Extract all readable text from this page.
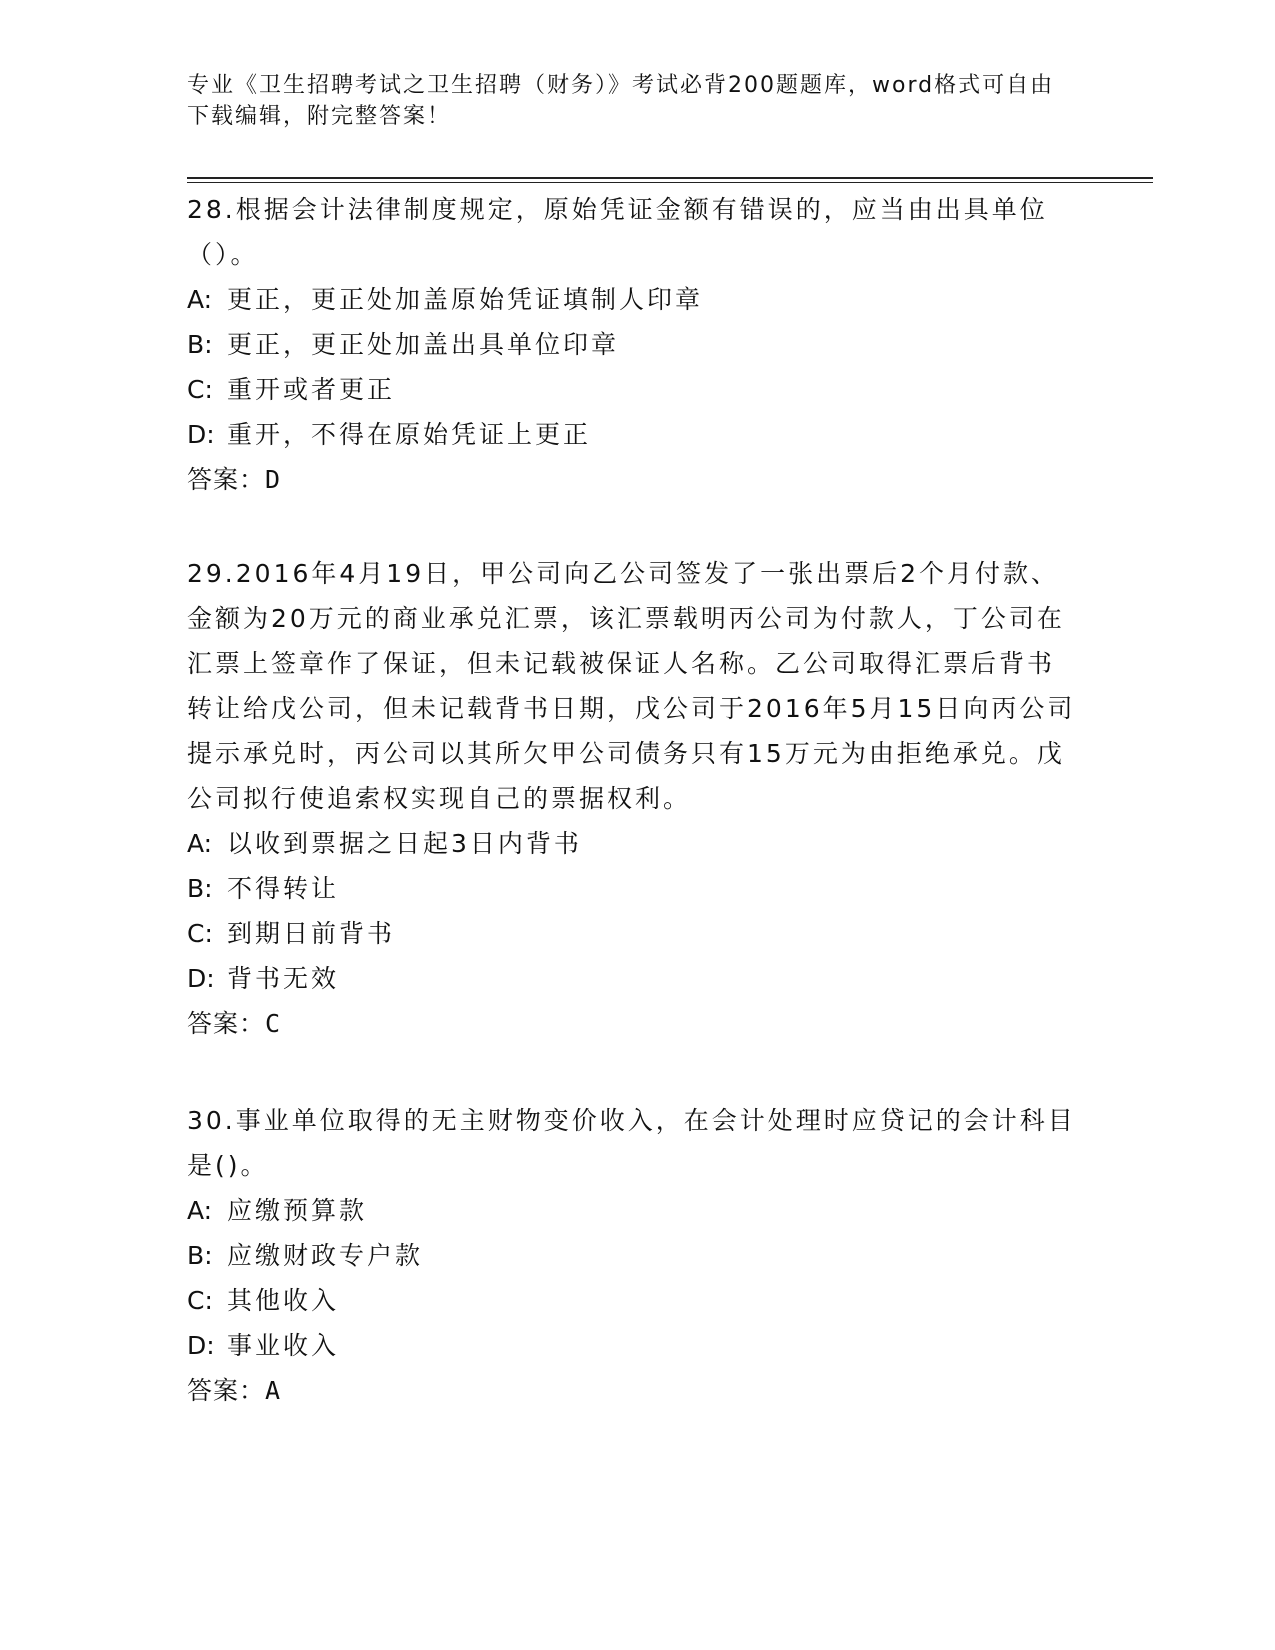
专业《卫生招聘考试之卫生招聘（财务）》考试必背200题题库，word格式可自由下载编辑，附完整答案！

28.根据会计法律制度规定，原始凭证金额有错误的，应当由出具单位（）。

A: 更正，更正处加盖原始凭证填制人印章

B: 更正，更正处加盖出具单位印章

C: 重开或者更正

D: 重开，不得在原始凭证上更正

答案：D

29.2016年4月19日，甲公司向乙公司签发了一张出票后2个月付款、金额为20万元的商业承兑汇票，该汇票载明丙公司为付款人，丁公司在汇票上签章作了保证，但未记载被保证人名称。乙公司取得汇票后背书转让给戊公司，但未记载背书日期，戊公司于2016年5月15日向丙公司提示承兑时，丙公司以其所欠甲公司债务只有15万元为由拒绝承兑。戊公司拟行使追索权实现自己的票据权利。

A: 以收到票据之日起3日内背书

B: 不得转让

C: 到期日前背书

D: 背书无效

答案：C

30.事业单位取得的无主财物变价收入，在会计处理时应贷记的会计科目是()。

A: 应缴预算款

B: 应缴财政专户款

C: 其他收入

D: 事业收入

答案：A
